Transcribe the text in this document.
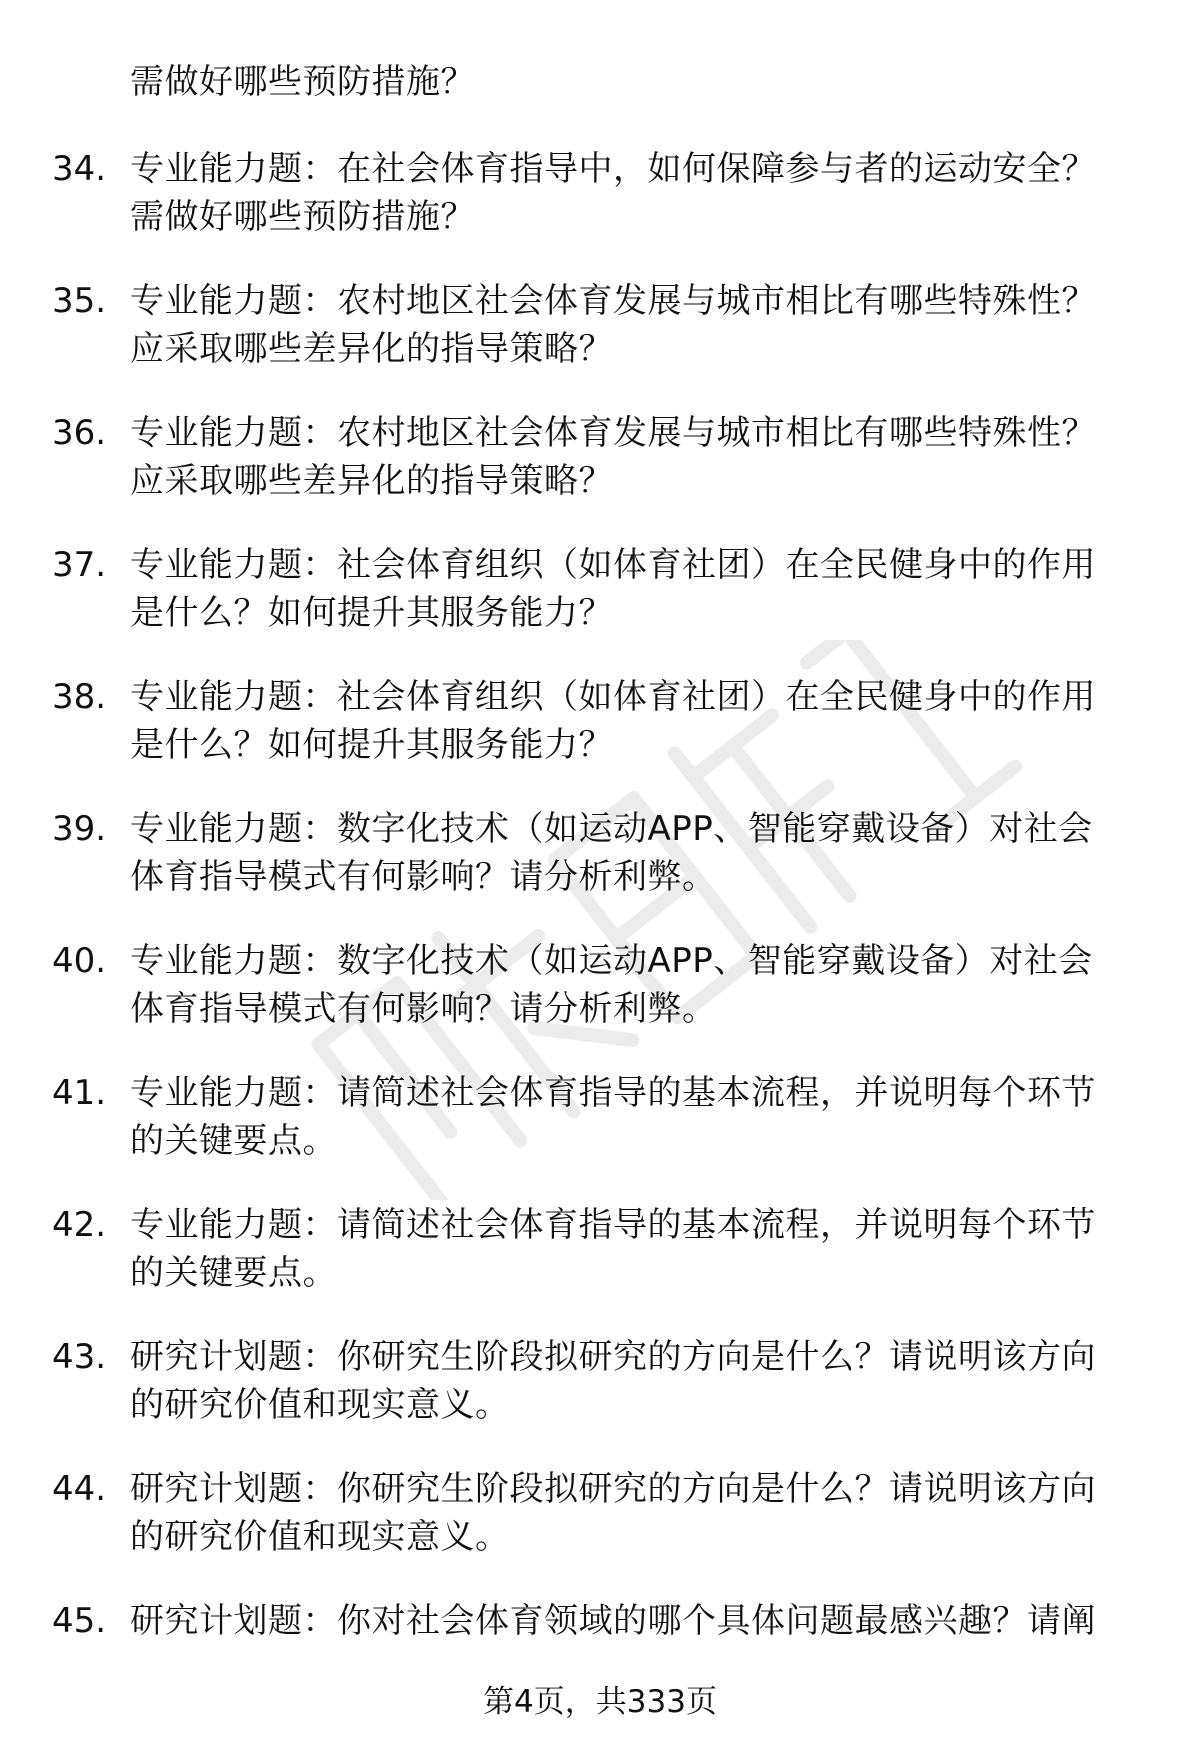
需做好哪些预防措施？
34. 专业能力题：在社会体育指导中，如何保障参与者的运动安全？
需做好哪些预防措施？
35. 专业能力题：农村地区社会体育发展与城市相比有哪些特殊性？
应采取哪些差异化的指导策略？
36. 专业能力题：农村地区社会体育发展与城市相比有哪些特殊性？
应采取哪些差异化的指导策略？
37. 专业能力题：社会体育组织（如体育社团）在全民健身中的作用
是什么？如何提升其服务能力？
38. 专业能力题：社会体育组织（如体育社团）在全民健身中的作用
是什么？如何提升其服务能力？
39. 专业能力题：数字化技术（如运动APP、智能穿戴设备）对社会
体育指导模式有何影响？请分析利弊。
40. 专业能力题：数字化技术（如运动APP、智能穿戴设备）对社会
体育指导模式有何影响？请分析利弊。
41. 专业能力题：请简述社会体育指导的基本流程，并说明每个环节
的关键要点。
42. 专业能力题：请简述社会体育指导的基本流程，并说明每个环节
的关键要点。
43. 研究计划题：你研究生阶段拟研究的方向是什么？请说明该方向
的研究价值和现实意义。
44. 研究计划题：你研究生阶段拟研究的方向是什么？请说明该方向
的研究价值和现实意义。
45. 研究计划题：你对社会体育领域的哪个具体问题最感兴趣？请阐
第4页，共333页
